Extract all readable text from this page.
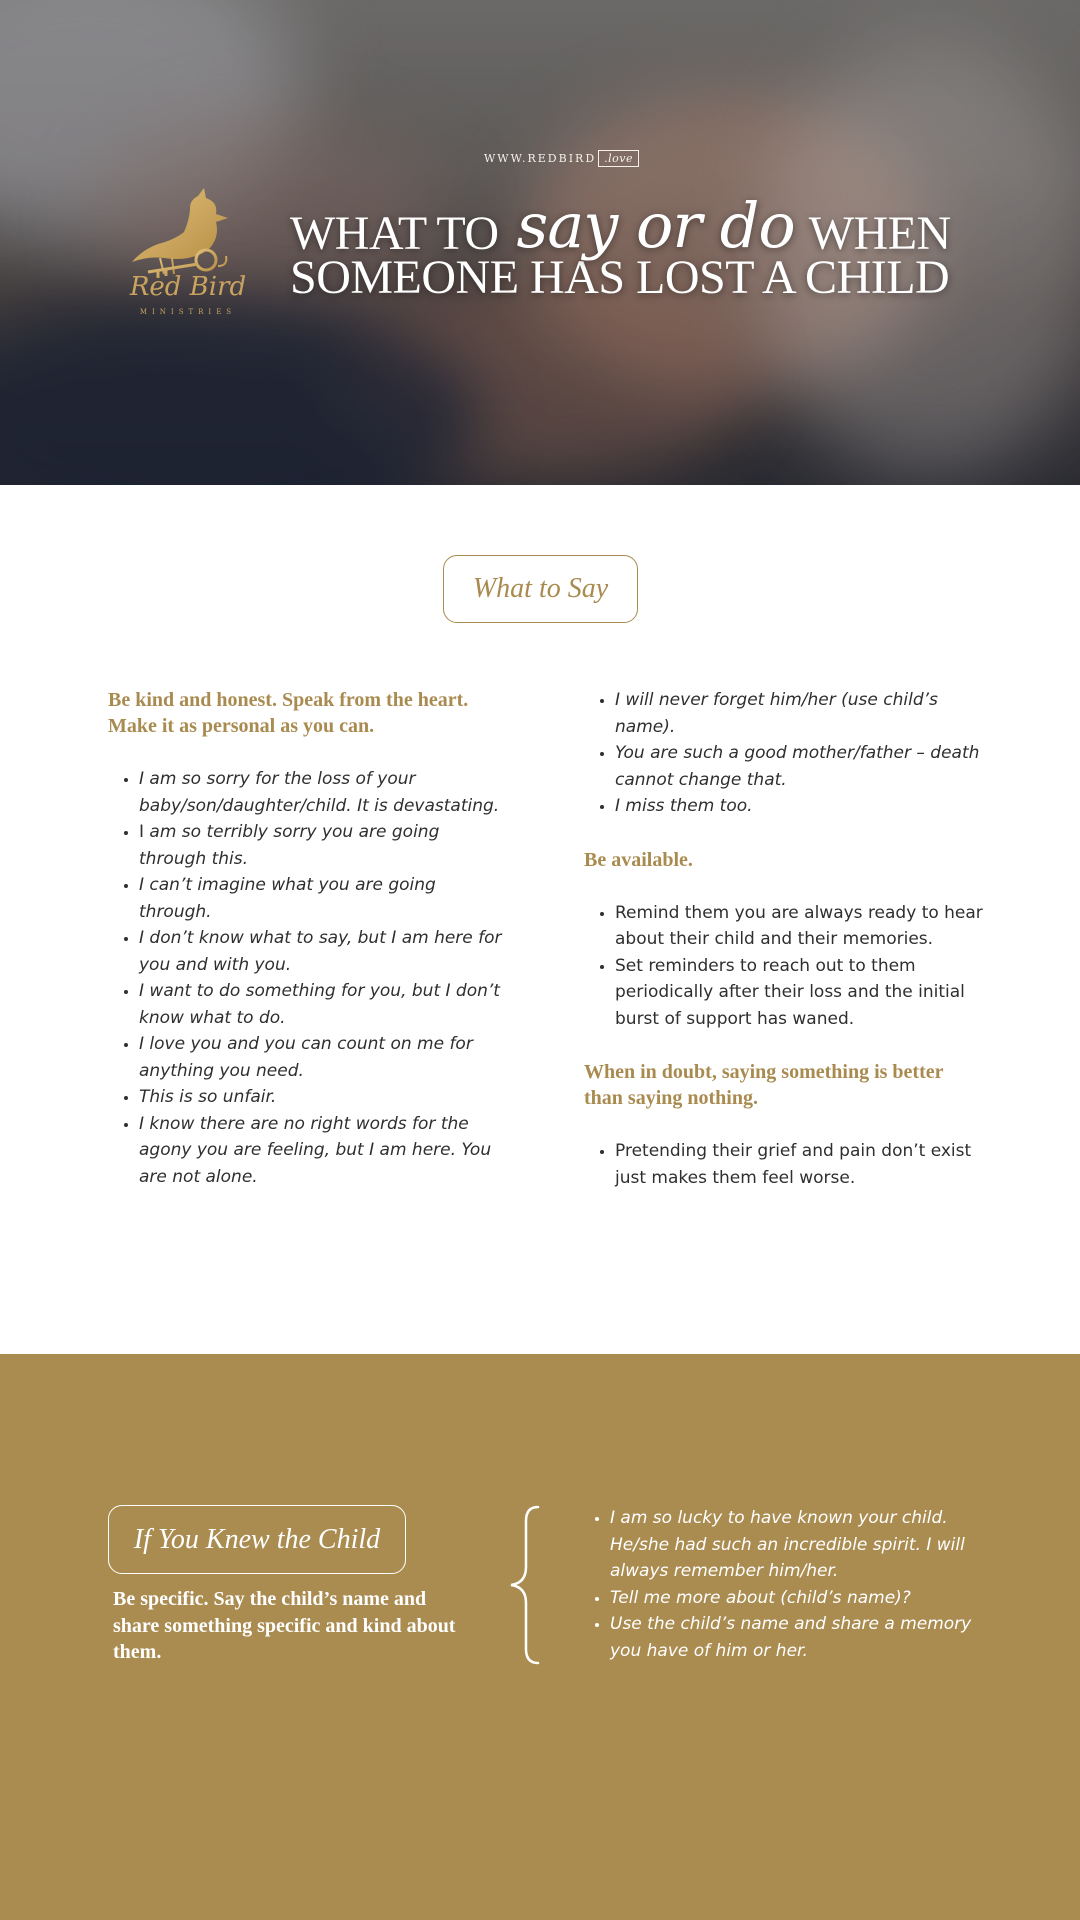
WWW.REDBIRD .love
Red Bird
MINISTRIES
WHAT TO say or do WHEN
SOMEONE HAS LOST A CHILD
What to Say
Be kind and honest. Speak from the heart. Make it as personal as you can.
• I am so sorry for the loss of your baby/son/daughter/child. It is devastating.
• I am so terribly sorry you are going through this.
• I can’t imagine what you are going through.
• I don’t know what to say, but I am here for you and with you.
• I want to do something for you, but I don’t know what to do.
• I love you and you can count on me for anything you need.
• This is so unfair.
• I know there are no right words for the agony you are feeling, but I am here. You are not alone.
• I will never forget him/her (use child’s name).
• You are such a good mother/father – death cannot change that.
• I miss them too.
Be available.
• Remind them you are always ready to hear about their child and their memories.
• Set reminders to reach out to them periodically after their loss and the initial burst of support has waned.
When in doubt, saying something is better than saying nothing.
• Pretending their grief and pain don’t exist just makes them feel worse.
If You Knew the Child
Be specific. Say the child’s name and share something specific and kind about them.
• I am so lucky to have known your child. He/she had such an incredible spirit. I will always remember him/her.
• Tell me more about (child’s name)?
• Use the child’s name and share a memory you have of him or her.
